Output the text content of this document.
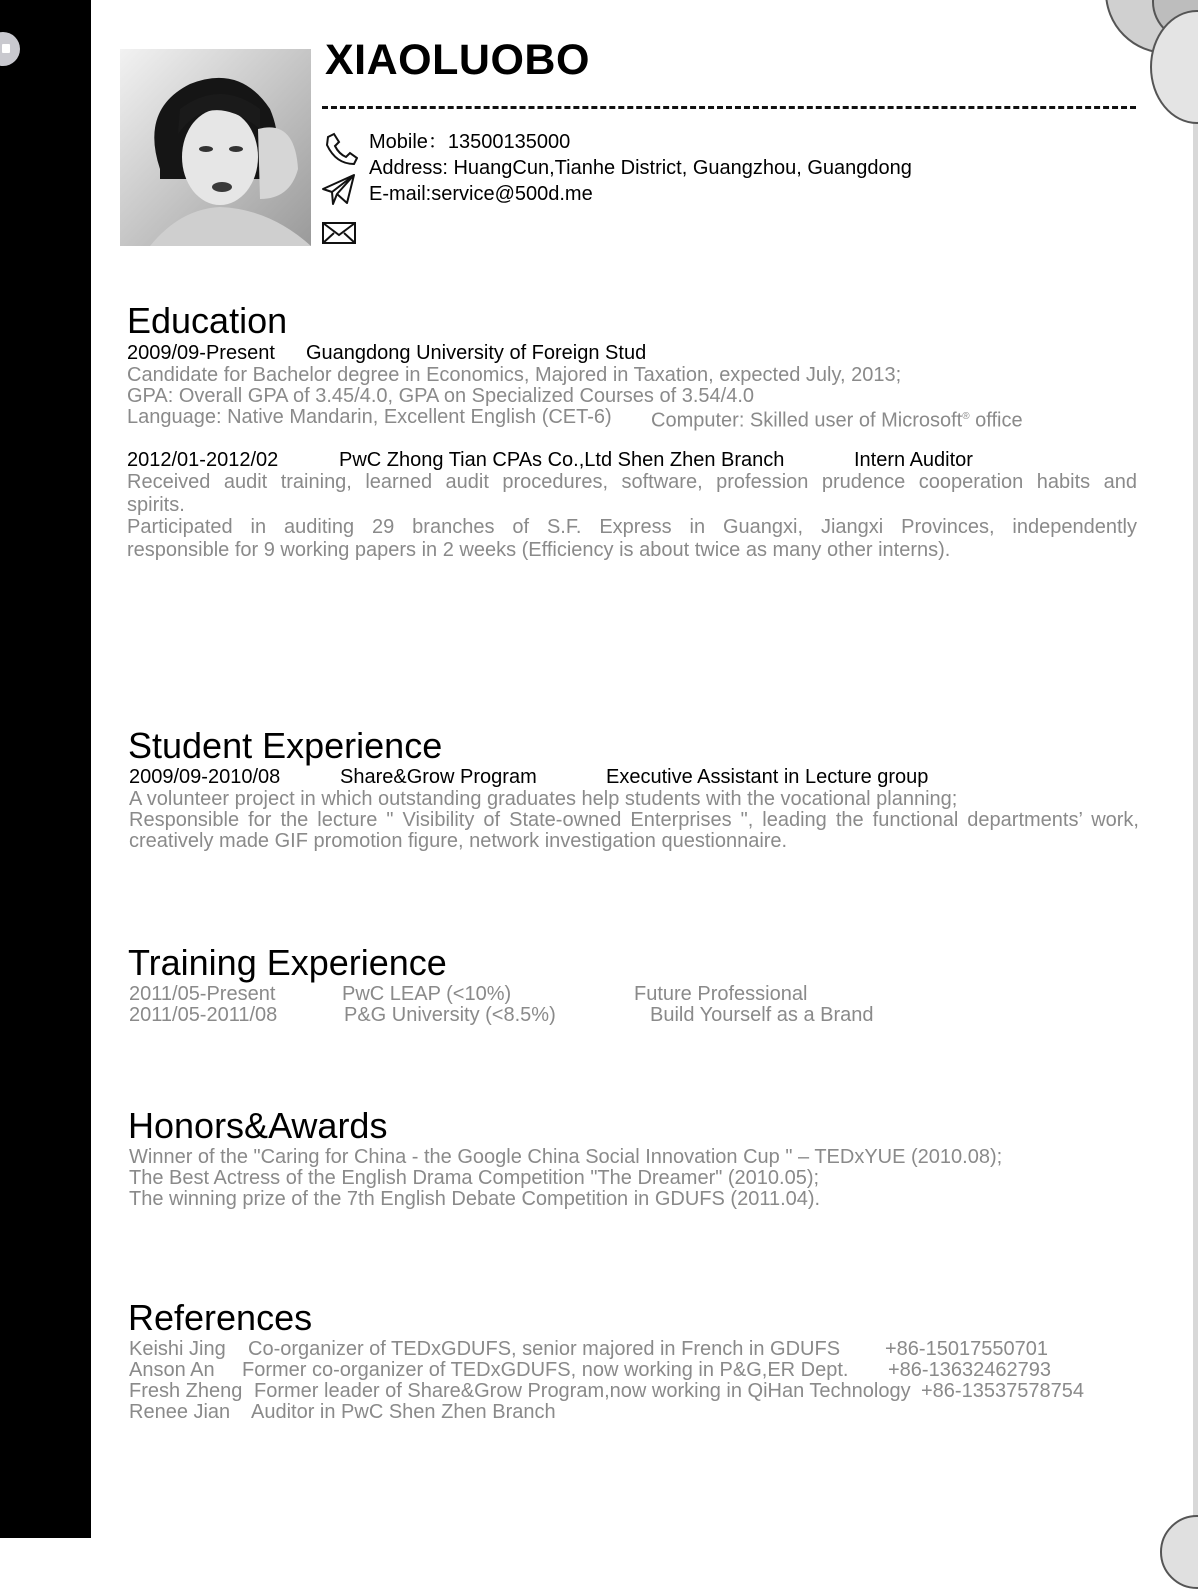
XIAOLUOBO
Mobile：13500135000
Address: HuangCun,Tianhe District, Guangzhou, Guangdong
E-mail:service@500d.me
Education
2009/09-Present Guangdong University of Foreign Stud
Candidate for Bachelor degree in Economics, Majored in Taxation, expected July, 2013;
GPA: Overall GPA of 3.45/4.0, GPA on Specialized Courses of 3.54/4.0
Language: Native Mandarin, Excellent English (CET-6) Computer: Skilled user of Microsoft® office
2012/01-2012/02	PwC Zhong Tian CPAs Co.,Ltd Shen Zhen Branch	Intern Auditor
Received audit training, learned audit procedures, software, profession prudence cooperation habits and
spirits.
Participated in auditing 29 branches of S.F. Express in Guangxi, Jiangxi Provinces, independently
responsible for 9 working papers in 2 weeks (Efficiency is about twice as many other interns).
Student Experience
2009/09-2010/08	Share&Grow Program	Executive Assistant in Lecture group
A volunteer project in which outstanding graduates help students with the vocational planning;
Responsible for the lecture " Visibility of State-owned Enterprises ", leading the functional departments’ work,
creatively made GIF promotion figure, network investigation questionnaire.
Training Experience
2011/05-Present	PwC LEAP (<10%)	Future Professional
2011/05-2011/08	P&G University (<8.5%)	Build Yourself as a Brand
Honors&Awards
Winner of the "Caring for China - the Google China Social Innovation Cup " – TEDxYUE (2010.08);
The Best Actress of the English Drama Competition "The Dreamer" (2010.05);
The winning prize of the 7th English Debate Competition in GDUFS (2011.04).
References
Keishi Jing Co-organizer of TEDxGDUFS, senior majored in French in GDUFS +86-15017550701
Anson An Former co-organizer of TEDxGDUFS, now working in P&G,ER Dept. +86-13632462793
Fresh Zheng Former leader of Share&Grow Program,now working in QiHan Technology +86-13537578754
Renee Jian Auditor in PwC Shen Zhen Branch
